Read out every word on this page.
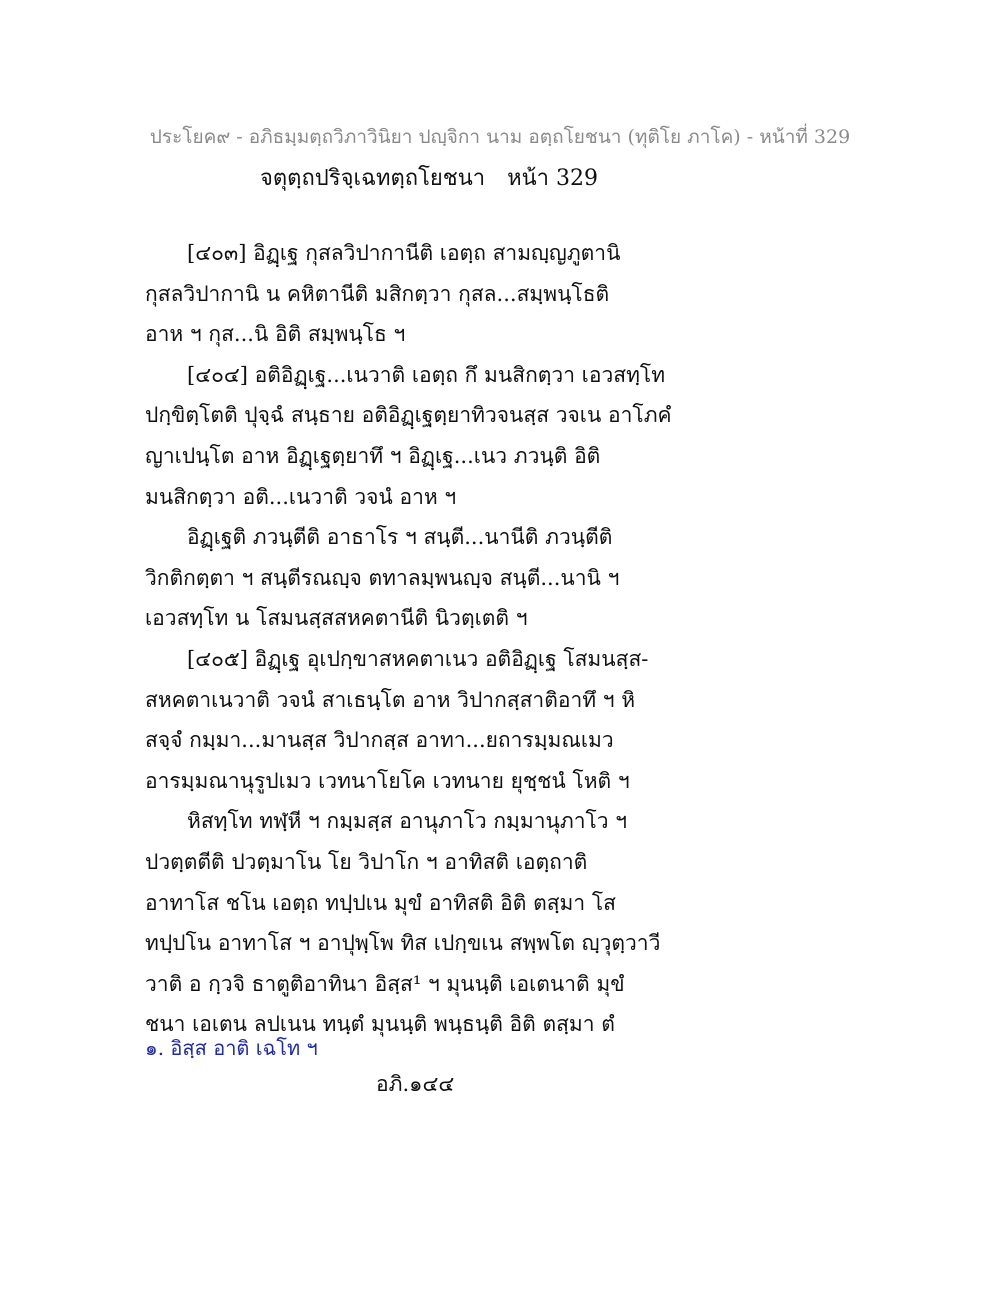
ประโยค๙ - อภิธมฺมตฺถวิภาวินิยา ปญฺจิกา นาม อตฺถโยชนา (ทุติโย ภาโค) - หน้าที่ 329
จตุตฺถปริจฺเฉทตฺถโยชนา หน้า 329
[๔๐๓] อิฏฺเฐ กุสลวิปากานีติ เอตฺถ สามญฺญภูตานิ
กุสลวิปากานิ น คหิตานีติ มสิกตฺวา กุสล...สมฺพนฺโธติ
อาห ฯ กุส...นิ อิติ สมฺพนฺโธ ฯ
[๔๐๔] อติอิฏฺเฐ...เนวาติ เอตฺถ กึ มนสิกตฺวา เอวสทฺโท
ปกฺขิตฺโตติ ปุจฺฉํ สนฺธาย อติอิฏฺเฐตฺยาทิวจนสฺส วจเน อาโภคํ
ญาเปนฺโต อาห อิฏฺเฐตฺยาทึ ฯ อิฏฺเฐ...เนว ภวนฺติ อิติ
มนสิกตฺวา อติ...เนวาติ วจนํ อาห ฯ
อิฏฺเฐติ ภวนฺตีติ อาธาโร ฯ สนฺตี...นานีติ ภวนฺตีติ
วิกติกตฺตา ฯ สนฺตีรณญฺจ ตทาลมฺพนญฺจ สนฺตี...นานิ ฯ
เอวสทฺโท น โสมนสฺสสหคตานีติ นิวตฺเตติ ฯ
[๔๐๕] อิฏฺเฐ อุเปกฺขาสหคตาเนว อติอิฏฺเฐ โสมนสฺส-
สหคตาเนวาติ วจนํ สาเธนฺโต อาห วิปากสฺสาติอาทึ ฯ หิ
สจฺจํ กมฺมา...มานสฺส วิปากสฺส อาทา...ยถารมฺมณเมว
อารมฺมณานุรูปเมว เวทนาโยโค เวทนาย ยุชฺชนํ โหติ ฯ
หิสทฺโท ทฬฺหี ฯ กมฺมสฺส อานุภาโว กมฺมานุภาโว ฯ
ปวตฺตตีติ ปวตฺมาโน โย วิปาโก ฯ อาทิสติ เอตฺถาติ
อาทาโส ชโน เอตฺถ ทปฺปเน มุขํ อาทิสติ อิติ ตสฺมา โส
ทปฺปโน อาทาโส ฯ อาปุพฺโพ ทิส เปกฺขเน สพฺพโต ญฺวุตฺวาวี
วาติ อ กฺวจิ ธาตูติอาทินา อิสฺส¹ ฯ มุนนฺติ เอเตนาติ มุขํ
ชนา เอเตน ลปเนน ทนฺตํ มุนนฺติ พนฺธนฺติ อิติ ตสฺมา ตํ
๑. อิสฺส อาติ เฉโท ฯ
อภิ.๑๔๔
